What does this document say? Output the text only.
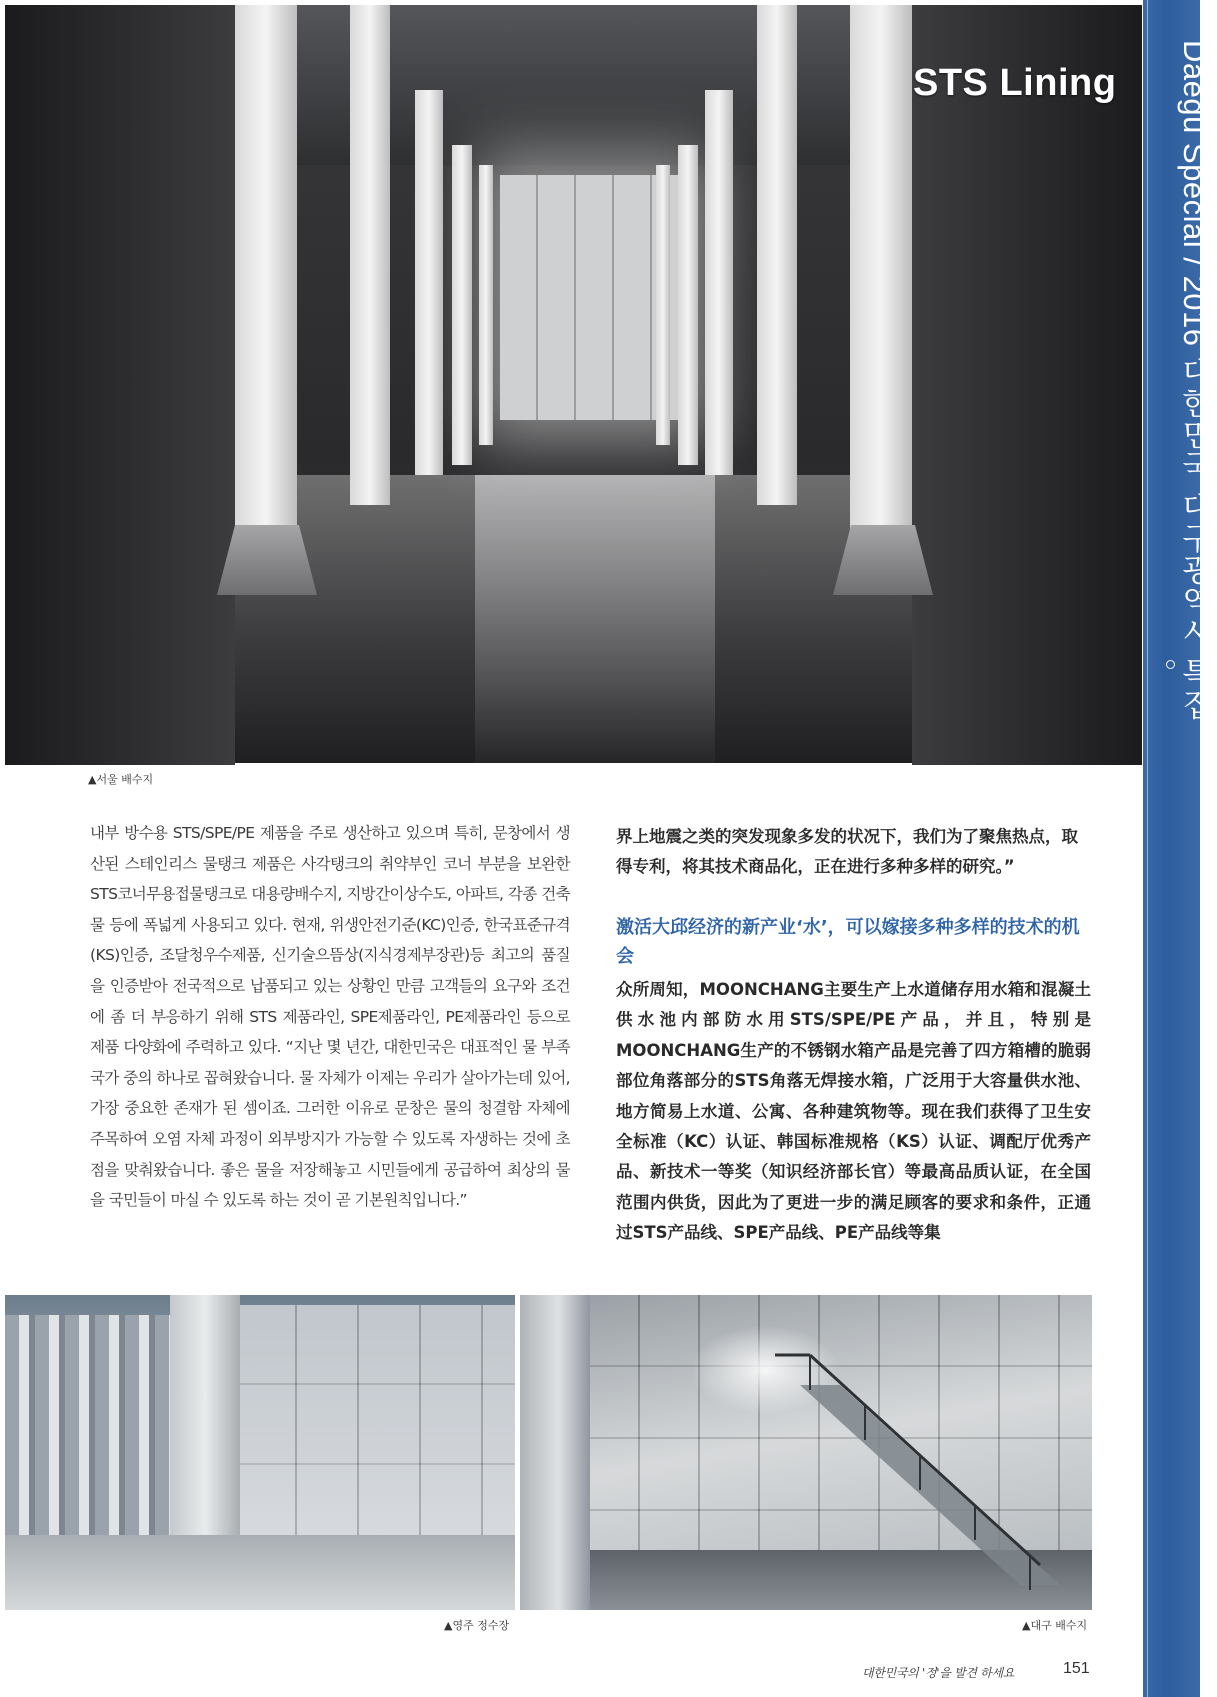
STS Lining Daegu Special / 2016 대한민국 대구광역시 특집
▲서울 배수지
내부 방수용 STS/SPE/PE 제품을 주로 생산하고 있으며 특히, 문창에서 생산된 스테인리스 물탱크 제품은 사각탱크의 취약부인 코너 부분을 보완한 STS코너무용접물탱크로 대용량배수지, 지방간이상수도, 아파트, 각종 건축물 등에 폭넓게 사용되고 있다. 현재, 위생안전기준(KC)인증, 한국표준규격(KS)인증, 조달청우수제품, 신기술으뜸상(지식경제부장관)등 최고의 품질을 인증받아 전국적으로 납품되고 있는 상황인 만큼 고객들의 요구와 조건에 좀 더 부응하기 위해 STS 제품라인, SPE제품라인, PE제품라인 등으로 제품 다양화에 주력하고 있다. “지난 몇 년간, 대한민국은 대표적인 물 부족 국가 중의 하나로 꼽혀왔습니다. 물 자체가 이제는 우리가 살아가는데 있어, 가장 중요한 존재가 된 셈이죠. 그러한 이유로 문창은 물의 청결함 자체에 주목하여 오염 자체 과정이 외부방지가 가능할 수 있도록 자생하는 것에 초점을 맞춰왔습니다. 좋은 물을 저장해놓고 시민들에게 공급하여 최상의 물을 국민들이 마실 수 있도록 하는 것이 곧 기본원칙입니다.”
界上地震之类的突发现象多发的状况下，我们为了聚焦热点，取得专利，将其技术商品化，正在进行多种多样的研究。”
激活大邱经济的新产业‘水’，可以嫁接多种多样的技术的机会
众所周知，MOONCHANG主要生产上水道储存用水箱和混凝土供水池内部防水用STS/SPE/PE产品，并且，特别是MOONCHANG生产的不锈钢水箱产品是完善了四方箱槽的脆弱部位角落部分的STS角落无焊接水箱，广泛用于大容量供水池、地方简易上水道、公寓、各种建筑物等。现在我们获得了卫生安全标准（KC）认证、韩国标准规格（KS）认证、调配厅优秀产品、新技术一等奖（知识经济部长官）等最高品质认证，在全国范围内供货，因此为了更进一步的满足顾客的要求和条件，正通过STS产品线、SPE产品线、PE产品线等集
▲영주 정수장	▲대구 배수지
대한민국의 '정'을 발견 하세요	151
